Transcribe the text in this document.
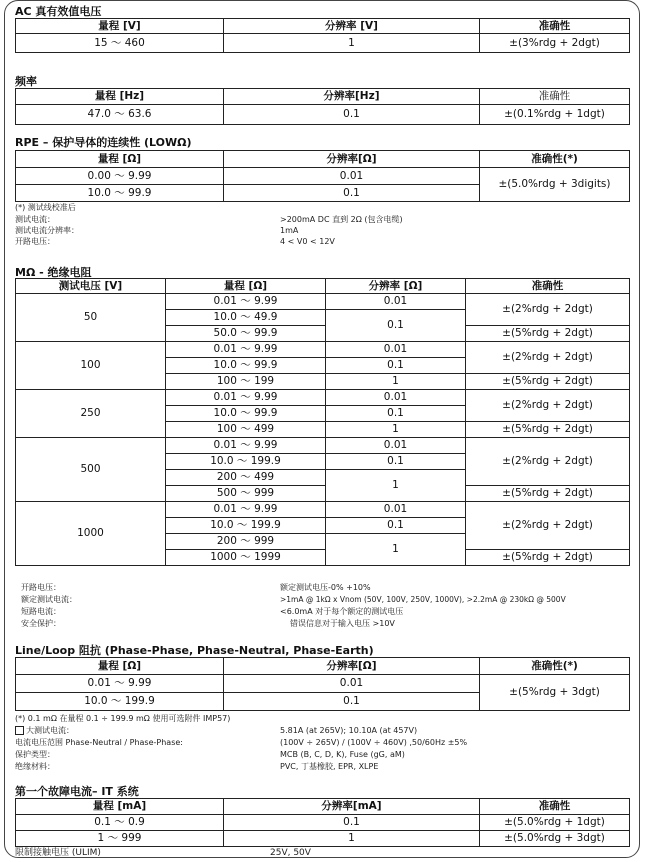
AC 真有效值电压
量程 [V]	分辨率 [V]	准确性
15 ～ 460	1	±(3%rdg + 2dgt)
频率
量程 [Hz]	分辨率[Hz]	准确性
47.0 ～ 63.6	0.1	±(0.1%rdg + 1dgt)
RPE – 保护导体的连续性 (LOWΩ)
量程 [Ω]	分辨率[Ω]	准确性(*)
0.00 ～ 9.99	0.01	±(5.0%rdg + 3digits)
10.0 ～ 99.9	0.1	
(*) 测试线校准后
测试电流：	>200mA DC 直到 2Ω (包含电缆)
测试电流分辨率：	1mA
开路电压：	4 < V0 < 12V
MΩ - 绝缘电阻
测试电压 [V]	量程 [Ω]	分辨率 [Ω]	准确性
50	0.01 ～ 9.99	0.01	±(2%rdg + 2dgt)
	10.0 ～ 49.9	0.1	
	50.0 ～ 99.9		±(5%rdg + 2dgt)
100	0.01 ～ 9.99	0.01	±(2%rdg + 2dgt)
	10.0 ～ 99.9	0.1	
	100 ～ 199	1	±(5%rdg + 2dgt)
250	0.01 ～ 9.99	0.01	±(2%rdg + 2dgt)
	10.0 ～ 99.9	0.1	
	100 ～ 499	1	±(5%rdg + 2dgt)
500	0.01 ～ 9.99	0.01	±(2%rdg + 2dgt)
	10.0 ～ 199.9	0.1	
	200 ～ 499	1	
	500 ～ 999		±(5%rdg + 2dgt)
1000	0.01 ～ 9.99	0.01	±(2%rdg + 2dgt)
	10.0 ～ 199.9	0.1	
	200 ～ 999	1	
	1000 ～ 1999		±(5%rdg + 2dgt)
开路电压：	额定测试电压-0% +10%
额定测试电流：	>1mA @ 1kΩ x Vnom (50V, 100V, 250V, 1000V), >2.2mA @ 230kΩ @ 500V
短路电流：	<6.0mA 对于每个额定的测试电压
安全保护：	错误信息对于输入电压 >10V
Line/Loop 阻抗 (Phase-Phase, Phase-Neutral, Phase-Earth)
量程 [Ω]	分辨率[Ω]	准确性(*)
0.01 ～ 9.99	0.01	±(5%rdg + 3dgt)
10.0 ～ 199.9	0.1	
(*) 0.1 mΩ 在量程 0.1 ÷ 199.9 mΩ 使用可选附件 IMP57)
大测试电流：	5.81A (at 265V); 10.10A (at 457V)
电流电压范围 Phase-Neutral / Phase-Phase:	(100V ÷ 265V) / (100V ÷ 460V) ,50/60Hz ±5%
保护类型：	MCB (B, C, D, K), Fuse (gG, aM)
绝缘材料：	PVC, 丁基橡胶, EPR, XLPE
第一个故障电流– IT 系统
量程 [mA]	分辨率[mA]	准确性
0.1 ～ 0.9	0.1	±(5.0%rdg + 1dgt)
1 ～ 999	1	±(5.0%rdg + 3dgt)
限制接触电压 (ULIM)	25V, 50V
